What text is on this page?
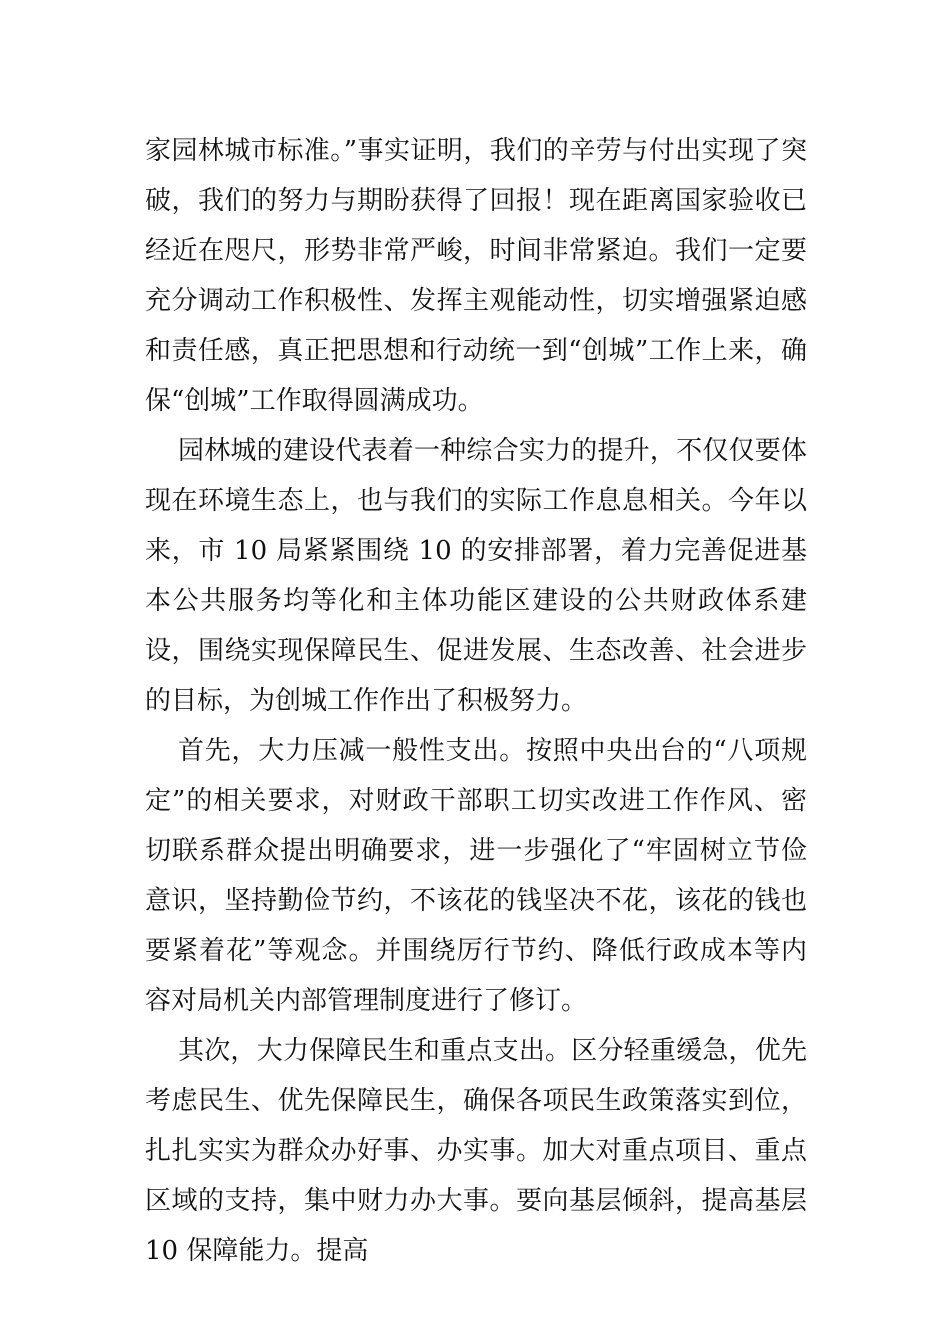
家园林城市标准。”事实证明，我们的辛劳与付出实现了突破，我们的努力与期盼获得了回报！现在距离国家验收已经近在咫尺，形势非常严峻，时间非常紧迫。我们一定要充分调动工作积极性、发挥主观能动性，切实增强紧迫感和责任感，真正把思想和行动统一到“创城”工作上来，确保“创城”工作取得圆满成功。

园林城的建设代表着一种综合实力的提升，不仅仅要体现在环境生态上，也与我们的实际工作息息相关。今年以来，市 10 局紧紧围绕 10 的安排部署，着力完善促进基本公共服务均等化和主体功能区建设的公共财政体系建设，围绕实现保障民生、促进发展、生态改善、社会进步的目标，为创城工作作出了积极努力。

首先，大力压减一般性支出。按照中央出台的“八项规定”的相关要求，对财政干部职工切实改进工作作风、密切联系群众提出明确要求，进一步强化了“牢固树立节俭意识，坚持勤俭节约，不该花的钱坚决不花，该花的钱也要紧着花”等观念。并围绕厉行节约、降低行政成本等内容对局机关内部管理制度进行了修订。

其次，大力保障民生和重点支出。区分轻重缓急，优先考虑民生、优先保障民生，确保各项民生政策落实到位，扎扎实实为群众办好事、办实事。加大对重点项目、重点区域的支持，集中财力办大事。要向基层倾斜，提高基层 10 保障能力。提高
